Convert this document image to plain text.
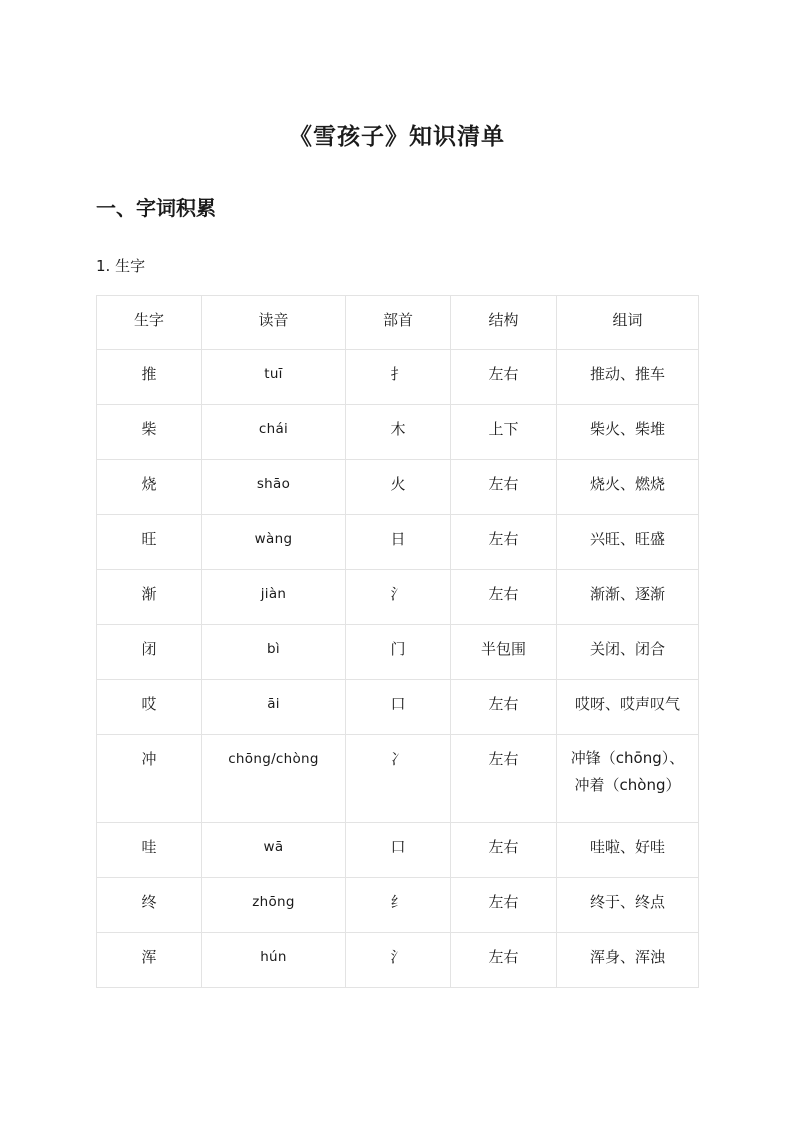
《雪孩子》知识清单
一、字词积累
1. 生字
生字	读音	部首	结构	组词
推	tuī	扌	左右	推动、推车
柴	chái	木	上下	柴火、柴堆
烧	shāo	火	左右	烧火、燃烧
旺	wàng	日	左右	兴旺、旺盛
渐	jiàn	氵	左右	渐渐、逐渐
闭	bì	门	半包围	关闭、闭合
哎	āi	口	左右	哎呀、哎声叹气
冲	chōng/chòng	冫	左右	冲锋（chōng）、
冲着（chòng）

哇	wā	口	左右	哇啦、好哇
终	zhōng	纟	左右	终于、终点
浑	hún	氵	左右	浑身、浑浊
